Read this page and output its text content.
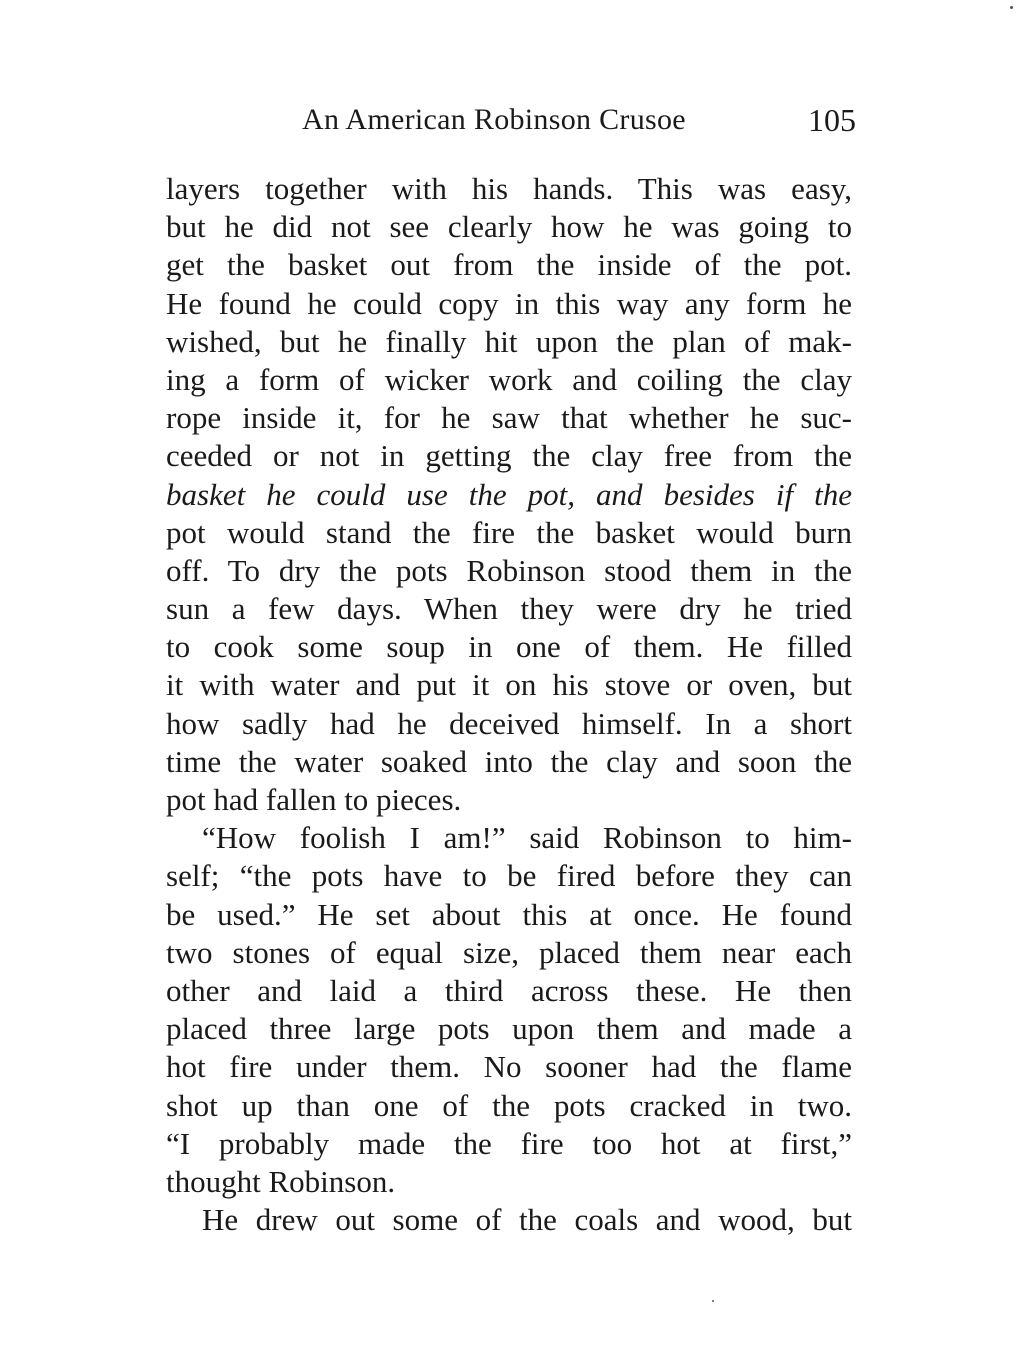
An American Robinson Crusoe	105
layers together with his hands. This was easy,
but he did not see clearly how he was going to
get the basket out from the inside of the pot.
He found he could copy in this way any form he
wished, but he finally hit upon the plan of mak-
ing a form of wicker work and coiling the clay
rope inside it, for he saw that whether he suc-
ceeded or not in getting the clay free from the
basket he could use the pot, and besides if the
pot would stand the fire the basket would burn
off. To dry the pots Robinson stood them in the
sun a few days. When they were dry he tried
to cook some soup in one of them. He filled
it with water and put it on his stove or oven, but
how sadly had he deceived himself. In a short
time the water soaked into the clay and soon the
pot had fallen to pieces.
“How foolish I am!” said Robinson to him-
self; “the pots have to be fired before they can
be used.” He set about this at once. He found
two stones of equal size, placed them near each
other and laid a third across these. He then
placed three large pots upon them and made a
hot fire under them. No sooner had the flame
shot up than one of the pots cracked in two.
“I probably made the fire too hot at first,”
thought Robinson.
He drew out some of the coals and wood, but
